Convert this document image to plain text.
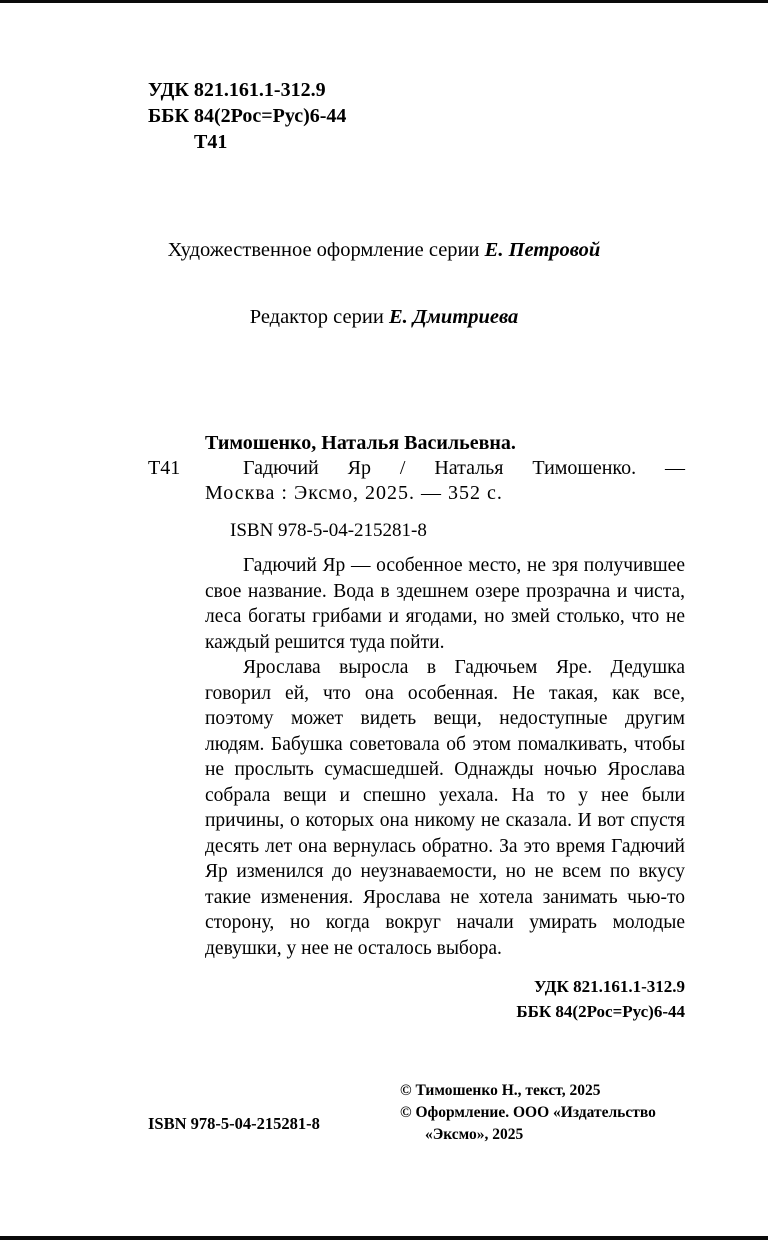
УДК 821.161.1-312.9
ББК 84(2Рос=Рус)6-44
Т41
Художественное оформление серии Е. Петровой
Редактор серии Е. Дмитриева
Тимошенко, Наталья Васильевна.
Т41	Гадючий Яр / Наталья Тимошенко. —
Москва : Эксмо, 2025. — 352 с.
ISBN 978-5-04-215281-8

Гадючий Яр — особенное место, не зря получившее свое название. Вода в здешнем озере прозрачна и чиста, леса богаты грибами и ягодами, но змей столько, что не каждый решится туда пойти.

Ярослава выросла в Гадючьем Яре. Дедушка говорил ей, что она особенная. Не такая, как все, поэтому может видеть вещи, недоступные другим людям. Бабушка советовала об этом помалкивать, чтобы не прослыть сумасшедшей. Однажды ночью Ярослава собрала вещи и спешно уехала. На то у нее были причины, о которых она никому не сказала. И вот спустя десять лет она вернулась обратно. За это время Гадючий Яр изменился до неузнаваемости, но не всем по вкусу такие изменения. Ярослава не хотела занимать чью-то сторону, но когда вокруг начали умирать молодые девушки, у нее не осталось выбора.

УДК 821.161.1-312.9
ББК 84(2Рос=Рус)6-44
ISBN 978-5-04-215281-8
© Тимошенко Н., текст, 2025
© Оформление. ООО «Издательство
«Эксмо», 2025
